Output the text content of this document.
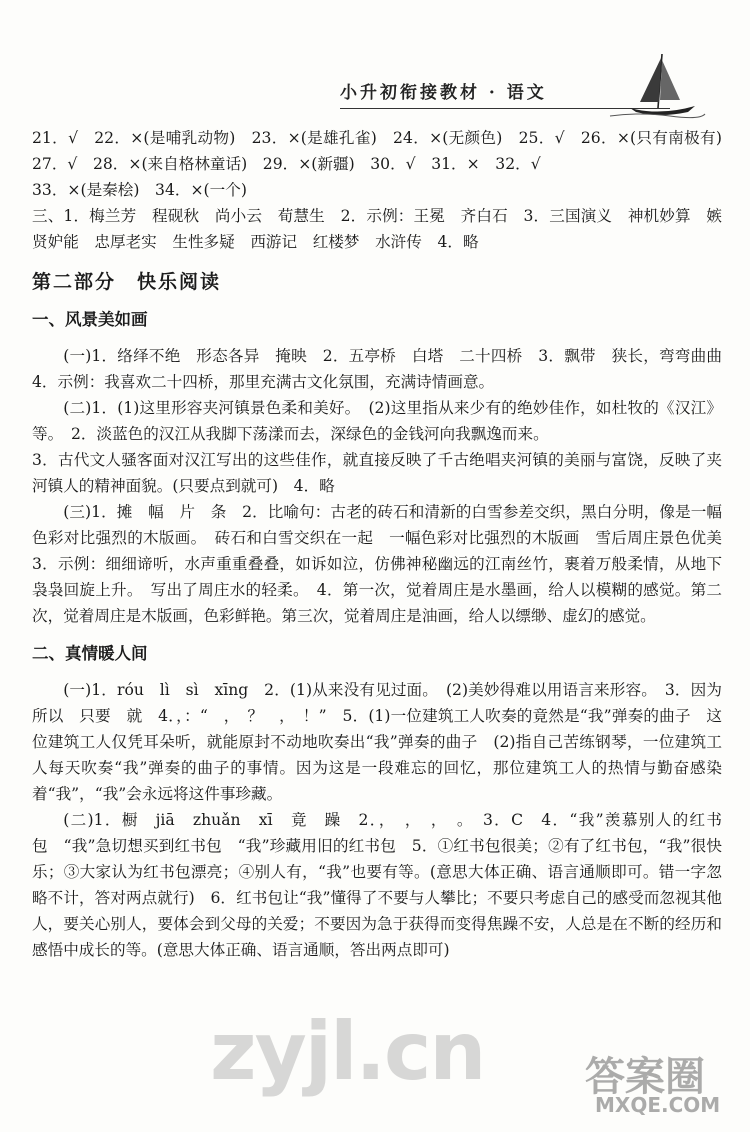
小升初衔接教材 · 语文

21．√　22．×(是哺乳动物)　23．×(是雄孔雀)　24．×(无颜色)　25．√　26．×(只有南极有)　27．√　28．×(来自格林童话)　29．×(新疆)　30．√　31．×　32．√

33．×(是秦桧)　34．×(一个)

三、1．梅兰芳　程砚秋　尚小云　荀慧生　2．示例：王冕　齐白石　3．三国演义　神机妙算　嫉贤妒能　忠厚老实　生性多疑　西游记　红楼梦　水浒传　4．略

第二部分　快乐阅读

一、风景美如画

(一)1．络绎不绝　形态各异　掩映　2．五亭桥　白塔　二十四桥　3．飘带　狭长，弯弯曲曲　4．示例：我喜欢二十四桥，那里充满古文化氛围，充满诗情画意。

(二)1．(1)这里形容夹河镇景色柔和美好。　(2)这里指从来少有的绝妙佳作，如杜牧的《汉江》等。　2．淡蓝色的汉江从我脚下荡漾而去，深绿色的金钱河向我飘逸而来。

3．古代文人骚客面对汉江写出的这些佳作，就直接反映了千古绝唱夹河镇的美丽与富饶，反映了夹河镇人的精神面貌。(只要点到就可)　4．略

(三)1．摊　幅　片　条　2．比喻句：古老的砖石和清新的白雪参差交织，黑白分明，像是一幅色彩对比强烈的木版画。　砖石和白雪交织在一起　一幅色彩对比强烈的木版画　雪后周庄景色优美　3．示例：细细谛听，水声重重叠叠，如诉如泣，仿佛神秘幽远的江南丝竹，裹着万般柔情，从地下袅袅回旋上升。　写出了周庄水的轻柔。　4．第一次，觉着周庄是水墨画，给人以模糊的感觉。第二次，觉着周庄是木版画，色彩鲜艳。第三次，觉着周庄是油画，给人以缥缈、虚幻的感觉。

二、真情暖人间

(一)1．róu　lì　sì　xīng　2．(1)从来没有见过面。　(2)美妙得难以用语言来形容。　3．因为　所以　只要　就　4．，：“　，　？　，　！”　5．(1)一位建筑工人吹奏的竟然是“我”弹奏的曲子　这位建筑工人仅凭耳朵听，就能原封不动地吹奏出“我”弹奏的曲子　(2)指自己苦练钢琴，一位建筑工人每天吹奏“我”弹奏的曲子的事情。因为这是一段难忘的回忆，那位建筑工人的热情与勤奋感染着“我”，“我”会永远将这件事珍藏。

(二)1．橱　jiā　zhuǎn　xī　竟　躁　2．，　，　，　。　3．C　4．“我”羡慕别人的红书包　“我”急切想买到红书包　“我”珍藏用旧的红书包　5．①红书包很美；②有了红书包，“我”很快乐；③大家认为红书包漂亮；④别人有，“我”也要有等。(意思大体正确、语言通顺即可。错一字忽略不计，答对两点就行)　6．红书包让“我”懂得了不要与人攀比；不要只考虑自己的感受而忽视其他人，要关心别人，要体会到父母的关爱；不要因为急于获得而变得焦躁不安，人总是在不断的经历和感悟中成长的等。(意思大体正确、语言通顺，答出两点即可)

zyjl.cn	答案圈
MXQE.COM
